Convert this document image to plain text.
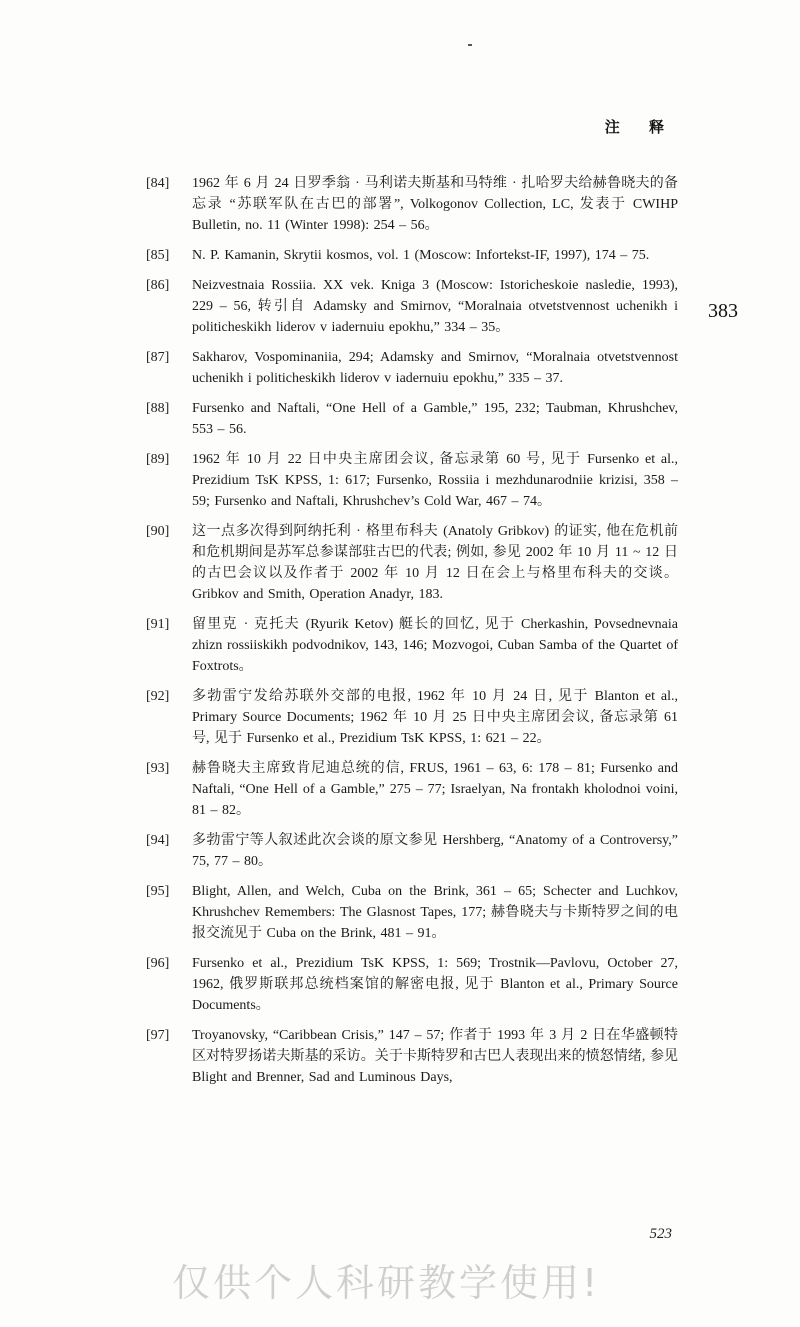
注 释
383
[84]	1962 年 6 月 24 日罗季翁 · 马利诺夫斯基和马特维 · 扎哈罗夫给赫鲁晓夫的备忘录 “苏联军队在古巴的部署”, Volkogonov Collection, LC, 发表于 CWIHP Bulletin, no. 11 (Winter 1998): 254 – 56。
[85]	N. P. Kamanin, Skrytii kosmos, vol. 1 (Moscow: Infortekst-IF, 1997), 174 – 75.
[86]	Neizvestnaia Rossiia. XX vek. Kniga 3 (Moscow: Istoricheskoie nasledie, 1993), 229 – 56, 转引自 Adamsky and Smirnov, “Moralnaia otvetstvennost uchenikh i politicheskikh liderov v iadernuiu epokhu,” 334 – 35。
[87]	Sakharov, Vospominaniia, 294; Adamsky and Smirnov, “Moralnaia otvetstvennost uchenikh i politicheskikh liderov v iadernuiu epokhu,” 335 – 37.
[88]	Fursenko and Naftali, “One Hell of a Gamble,” 195, 232; Taubman, Khrushchev, 553 – 56.
[89]	1962 年 10 月 22 日中央主席团会议, 备忘录第 60 号, 见于 Fursenko et al., Prezidium TsK KPSS, 1: 617; Fursenko, Rossiia i mezhdunarodniie krizisi, 358 – 59; Fursenko and Naftali, Khrushchev’s Cold War, 467 – 74。
[90]	这一点多次得到阿纳托利 · 格里布科夫 (Anatoly Gribkov) 的证实, 他在危机前和危机期间是苏军总参谋部驻古巴的代表; 例如, 参见 2002 年 10 月 11 ~ 12 日的古巴会议以及作者于 2002 年 10 月 12 日在会上与格里布科夫的交谈。Gribkov and Smith, Operation Anadyr, 183.
[91]	留里克 · 克托夫 (Ryurik Ketov) 艇长的回忆, 见于 Cherkashin, Povsednevnaia zhizn rossiiskikh podvodnikov, 143, 146; Mozvogoi, Cuban Samba of the Quartet of Foxtrots。
[92]	多勃雷宁发给苏联外交部的电报, 1962 年 10 月 24 日, 见于 Blanton et al., Primary Source Documents; 1962 年 10 月 25 日中央主席团会议, 备忘录第 61 号, 见于 Fursenko et al., Prezidium TsK KPSS, 1: 621 – 22。
[93]	赫鲁晓夫主席致肯尼迪总统的信, FRUS, 1961 – 63, 6: 178 – 81; Fursenko and Naftali, “One Hell of a Gamble,” 275 – 77; Israelyan, Na frontakh kholodnoi voini, 81 – 82。
[94]	多勃雷宁等人叙述此次会谈的原文参见 Hershberg, “Anatomy of a Controversy,” 75, 77 – 80。
[95]	Blight, Allen, and Welch, Cuba on the Brink, 361 – 65; Schecter and Luchkov, Khrushchev Remembers: The Glasnost Tapes, 177; 赫鲁晓夫与卡斯特罗之间的电报交流见于 Cuba on the Brink, 481 – 91。
[96]	Fursenko et al., Prezidium TsK KPSS, 1: 569; Trostnik—Pavlovu, October 27, 1962, 俄罗斯联邦总统档案馆的解密电报, 见于 Blanton et al., Primary Source Documents。
[97]	Troyanovsky, “Caribbean Crisis,” 147 – 57; 作者于 1993 年 3 月 2 日在华盛顿特区对特罗扬诺夫斯基的采访。关于卡斯特罗和古巴人表现出来的愤怒情绪, 参见 Blight and Brenner, Sad and Luminous Days,
523
仅供个人科研教学使用!
